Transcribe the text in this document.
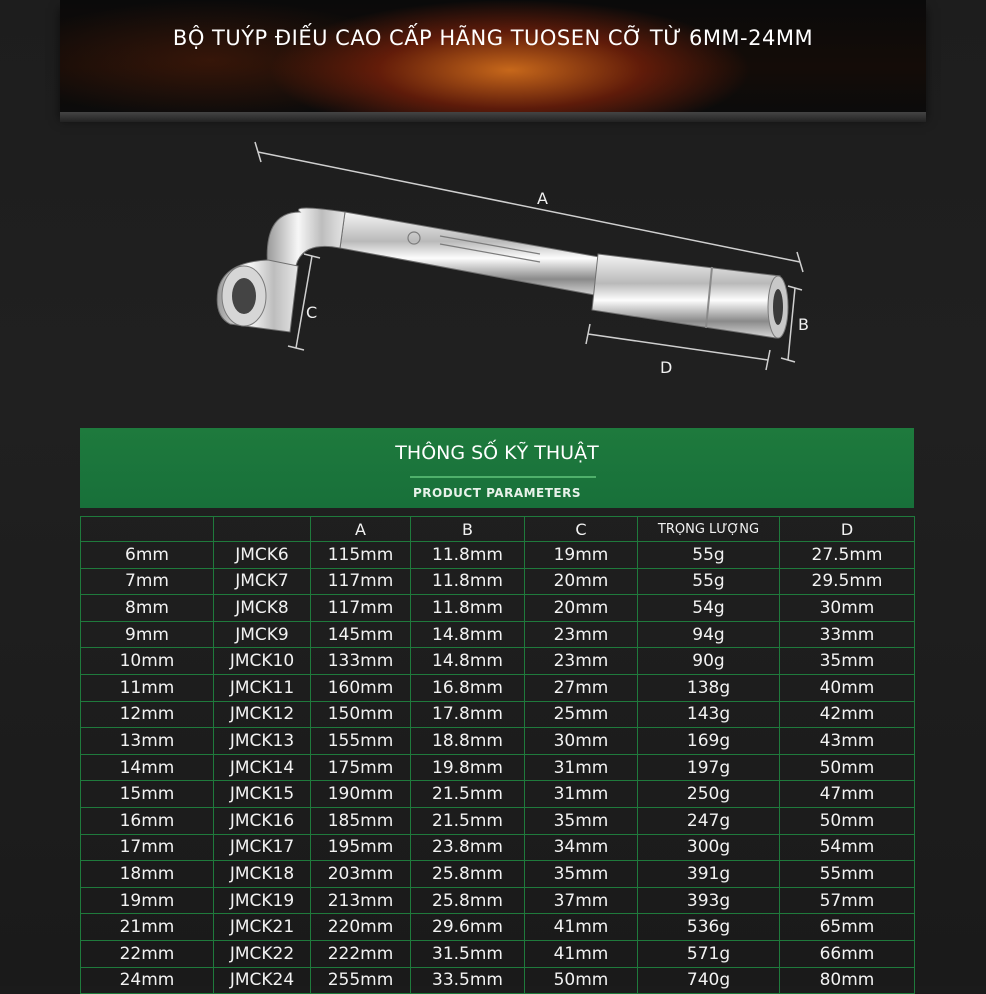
BỘ TUÝP ĐIẾU CAO CẤP HÃNG TUOSEN CỠ TỪ 6MM-24MM
A
C
B
D
THÔNG SỐ KỸ THUẬT
PRODUCT PARAMETERS
		A	B	C	TRỌNG LƯỢNG	D
6mm	JMCK6	115mm	11.8mm	19mm	55g	27.5mm
7mm	JMCK7	117mm	11.8mm	20mm	55g	29.5mm
8mm	JMCK8	117mm	11.8mm	20mm	54g	30mm
9mm	JMCK9	145mm	14.8mm	23mm	94g	33mm
10mm	JMCK10	133mm	14.8mm	23mm	90g	35mm
11mm	JMCK11	160mm	16.8mm	27mm	138g	40mm
12mm	JMCK12	150mm	17.8mm	25mm	143g	42mm
13mm	JMCK13	155mm	18.8mm	30mm	169g	43mm
14mm	JMCK14	175mm	19.8mm	31mm	197g	50mm
15mm	JMCK15	190mm	21.5mm	31mm	250g	47mm
16mm	JMCK16	185mm	21.5mm	35mm	247g	50mm
17mm	JMCK17	195mm	23.8mm	34mm	300g	54mm
18mm	JMCK18	203mm	25.8mm	35mm	391g	55mm
19mm	JMCK19	213mm	25.8mm	37mm	393g	57mm
21mm	JMCK21	220mm	29.6mm	41mm	536g	65mm
22mm	JMCK22	222mm	31.5mm	41mm	571g	66mm
24mm	JMCK24	255mm	33.5mm	50mm	740g	80mm
